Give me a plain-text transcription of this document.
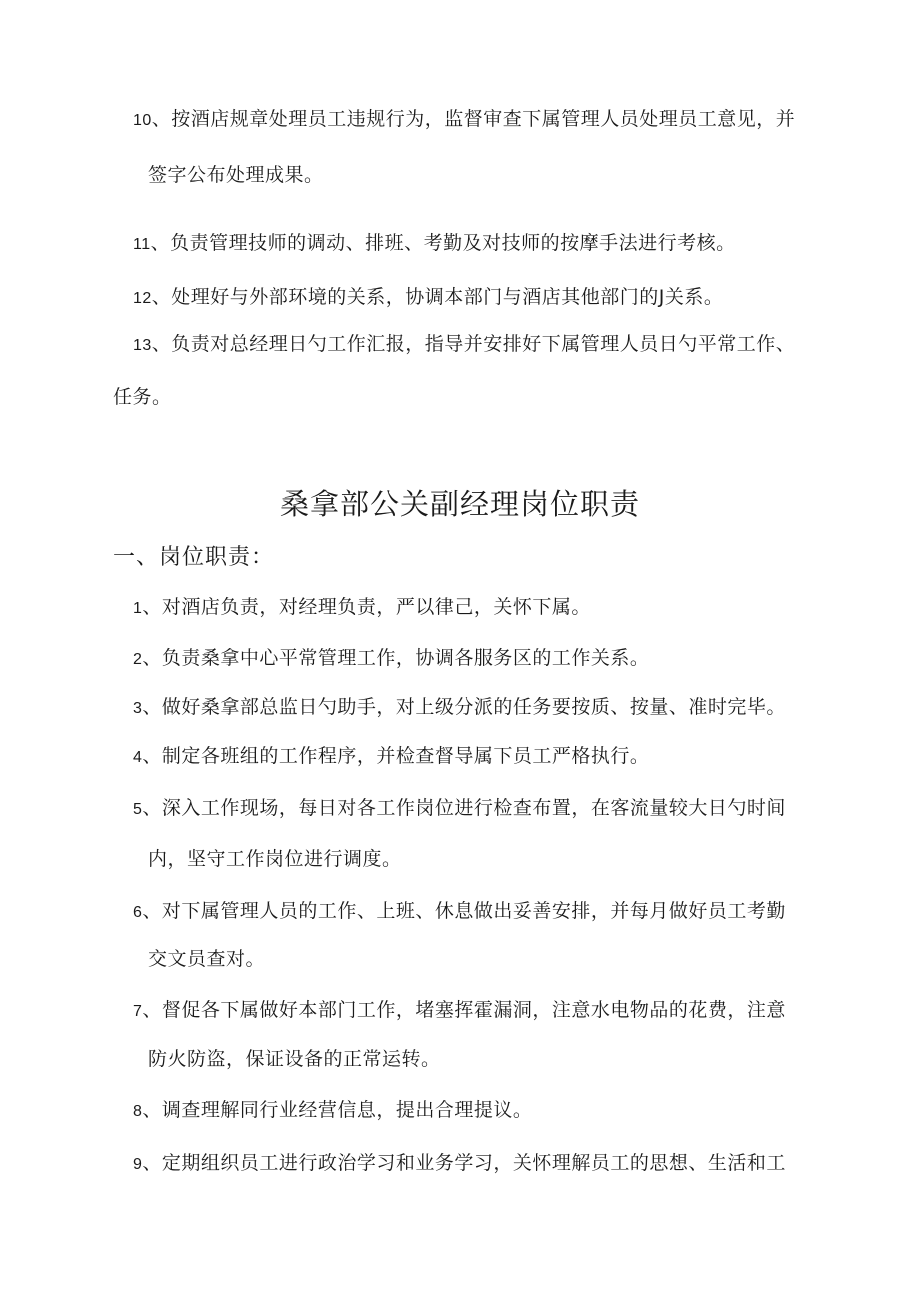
10、按酒店规章处理员工违规行为，监督审查下属管理人员处理员工意见，并
签字公布处理成果。
11、负责管理技师的调动、排班、考勤及对技师的按摩手法进行考核。
12、处理好与外部环境的关系，协调本部门与酒店其他部门的J关系。
13、负责对总经理日勺工作汇报，指导并安排好下属管理人员日勺平常工作、
任务。
桑拿部公关副经理岗位职责
一、岗位职责：
1、对酒店负责，对经理负责，严以律己，关怀下属。
2、负责桑拿中心平常管理工作，协调各服务区的工作关系。
3、做好桑拿部总监日勺助手，对上级分派的任务要按质、按量、准时完毕。
4、制定各班组的工作程序，并检查督导属下员工严格执行。
5、深入工作现场，每日对各工作岗位进行检查布置，在客流量较大日勺时间
内，坚守工作岗位进行调度。
6、对下属管理人员的工作、上班、休息做出妥善安排，并每月做好员工考勤
交文员查对。
7、督促各下属做好本部门工作，堵塞挥霍漏洞，注意水电物品的花费，注意
防火防盗，保证设备的正常运转。
8、调查理解同行业经营信息，提出合理提议。
9、定期组织员工进行政治学习和业务学习，关怀理解员工的思想、生活和工
